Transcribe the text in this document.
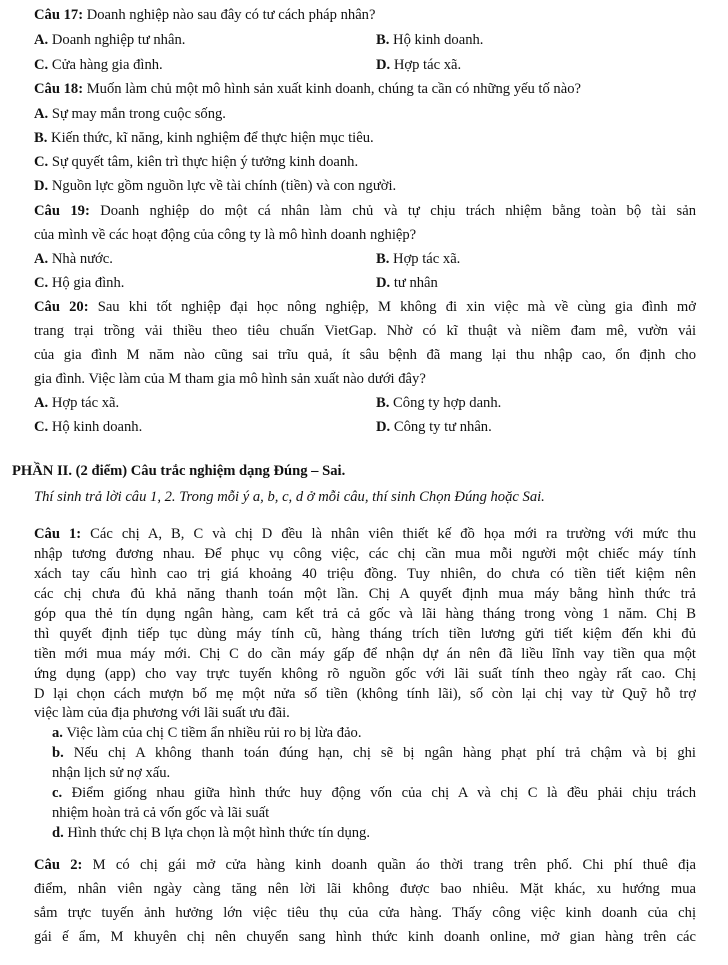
Câu 17: Doanh nghiệp nào sau đây có tư cách pháp nhân?
A. Doanh nghiệp tư nhân.	B. Hộ kinh doanh.
C. Cửa hàng gia đình.	D. Hợp tác xã.
Câu 18: Muốn làm chủ một mô hình sản xuất kinh doanh, chúng ta cần có những yếu tố nào?
A. Sự may mắn trong cuộc sống.
B. Kiến thức, kĩ năng, kinh nghiệm để thực hiện mục tiêu.
C. Sự quyết tâm, kiên trì thực hiện ý tưởng kinh doanh.
D. Nguồn lực gồm nguồn lực về tài chính (tiền) và con người.
Câu 19: Doanh nghiệp do một cá nhân làm chủ và tự chịu trách nhiệm bằng toàn bộ tài sản
của mình về các hoạt động của công ty là mô hình doanh nghiệp?
A. Nhà nước.	B. Hợp tác xã.
C. Hộ gia đình.	D. tư nhân
Câu 20: Sau khi tốt nghiệp đại học nông nghiệp, M không đi xin việc mà về cùng gia đình mở
trang trại trồng vải thiều theo tiêu chuẩn VietGap. Nhờ có kĩ thuật và niềm đam mê, vườn vải
của gia đình M năm nào cũng sai trĩu quả, ít sâu bệnh đã mang lại thu nhập cao, ổn định cho
gia đình. Việc làm của M tham gia mô hình sản xuất nào dưới đây?
A. Hợp tác xã.	B. Công ty hợp danh.
C. Hộ kinh doanh.	D. Công ty tư nhân.
PHẦN II. (2 điểm) Câu trắc nghiệm dạng Đúng – Sai.
Thí sinh trả lời câu 1, 2. Trong mỗi ý a, b, c, d ở mỗi câu, thí sinh Chọn Đúng hoặc Sai.
Câu 1: Các chị A, B, C và chị D đều là nhân viên thiết kế đồ họa mới ra trường với mức thu
nhập tương đương nhau. Để phục vụ công việc, các chị cần mua mỗi người một chiếc máy tính
xách tay cấu hình cao trị giá khoảng 40 triệu đồng. Tuy nhiên, do chưa có tiền tiết kiệm nên
các chị chưa đủ khả năng thanh toán một lần. Chị A quyết định mua máy bằng hình thức trả
góp qua thẻ tín dụng ngân hàng, cam kết trả cả gốc và lãi hàng tháng trong vòng 1 năm. Chị B
thì quyết định tiếp tục dùng máy tính cũ, hàng tháng trích tiền lương gửi tiết kiệm đến khi đủ
tiền mới mua máy mới. Chị C do cần máy gấp để nhận dự án nên đã liều lĩnh vay tiền qua một
ứng dụng (app) cho vay trực tuyến không rõ nguồn gốc với lãi suất tính theo ngày rất cao. Chị
D lại chọn cách mượn bố mẹ một nửa số tiền (không tính lãi), số còn lại chị vay từ Quỹ hỗ trợ
việc làm của địa phương với lãi suất ưu đãi.
a. Việc làm của chị C tiềm ẩn nhiều rủi ro bị lừa đảo.
b. Nếu chị A không thanh toán đúng hạn, chị sẽ bị ngân hàng phạt phí trả chậm và bị ghi
nhận lịch sử nợ xấu.
c. Điểm giống nhau giữa hình thức huy động vốn của chị A và chị C là đều phải chịu trách
nhiệm hoàn trả cả vốn gốc và lãi suất
d. Hình thức chị B lựa chọn là một hình thức tín dụng.
Câu 2: M có chị gái mở cửa hàng kinh doanh quần áo thời trang trên phố. Chi phí thuê địa
điểm, nhân viên ngày càng tăng nên lời lãi không được bao nhiêu. Mặt khác, xu hướng mua
sắm trực tuyến ảnh hưởng lớn việc tiêu thụ của cửa hàng. Thấy công việc kinh doanh của chị
gái ế ẩm, M khuyên chị nên chuyển sang hình thức kinh doanh online, mở gian hàng trên các
